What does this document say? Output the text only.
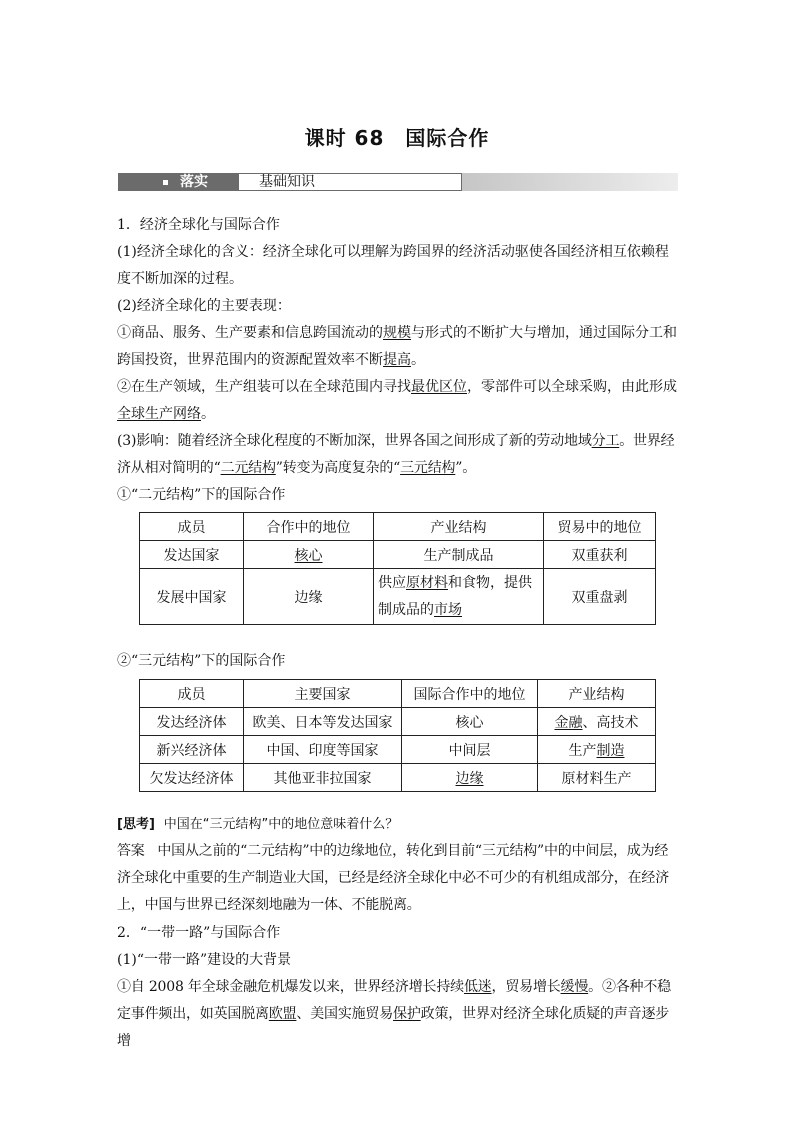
课时 68　国际合作
落实	基础知识

1．经济全球化与国际合作

(1)经济全球化的含义：经济全球化可以理解为跨国界的经济活动驱使各国经济相互依赖程度不断加深的过程。

(2)经济全球化的主要表现：

①商品、服务、生产要素和信息跨国流动的规模与形式的不断扩大与增加，通过国际分工和跨国投资，世界范围内的资源配置效率不断提高。

②在生产领域，生产组装可以在全球范围内寻找最优区位，零部件可以全球采购，由此形成全球生产网络。

(3)影响：随着经济全球化程度的不断加深，世界各国之间形成了新的劳动地域分工。世界经济从相对简明的“二元结构”转变为高度复杂的“三元结构”。

①“二元结构”下的国际合作

成员	合作中的地位	产业结构	贸易中的地位
发达国家	核心	生产制成品	双重获利
发展中国家	边缘	供应原材料和食物，提供制成品的市场	双重盘剥

②“三元结构”下的国际合作

成员	主要国家	国际合作中的地位	产业结构
发达经济体	欧美、日本等发达国家	核心	金融、高技术
新兴经济体	中国、印度等国家	中间层	生产制造
欠发达经济体	其他亚非拉国家	边缘	原材料生产

[思考] 中国在“三元结构”中的地位意味着什么？

答案 中国从之前的“二元结构”中的边缘地位，转化到目前“三元结构”中的中间层，成为经济全球化中重要的生产制造业大国，已经是经济全球化中必不可少的有机组成部分，在经济上，中国与世界已经深刻地融为一体、不能脱离。

2．“一带一路”与国际合作

(1)“一带一路”建设的大背景

①自 2008 年全球金融危机爆发以来，世界经济增长持续低迷，贸易增长缓慢。②各种不稳定事件频出，如英国脱离欧盟、美国实施贸易保护政策，世界对经济全球化质疑的声音逐步增
